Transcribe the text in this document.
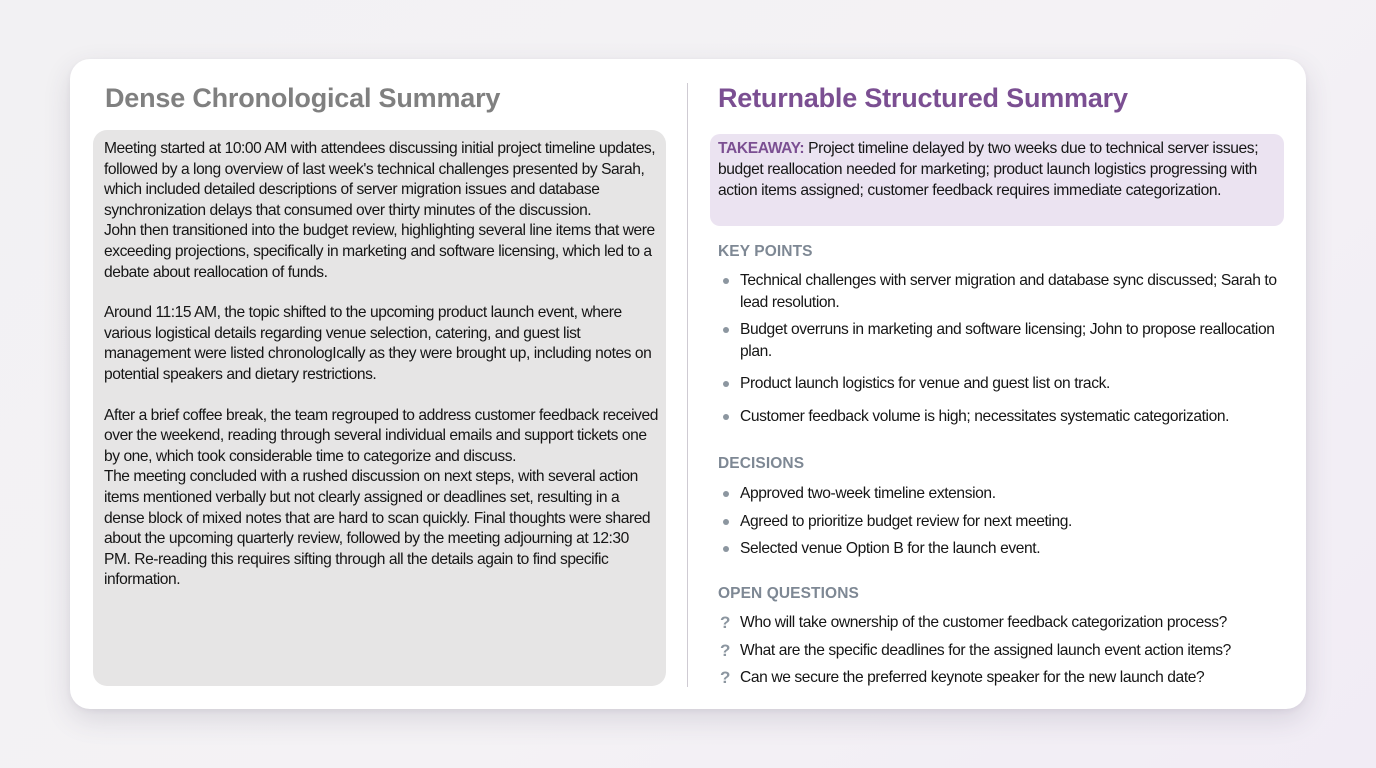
Dense Chronological Summary

Meeting started at 10:00 AM with attendees discussing initial project timeline updates, followed by a long overview of last week's technical challenges presented by Sarah, which included detailed descriptions of server migration issues and database synchronization delays that consumed over thirty minutes of the discussion.

John then transitioned into the budget review, highlighting several line items that were exceeding projections, specifically in marketing and software licensing, which led to a debate about reallocation of funds.

Around 11:15 AM, the topic shifted to the upcoming product launch event, where various logistical details regarding venue selection, catering, and guest list management were listed chronologIcally as they were brought up, including notes on potential speakers and dietary restrictions.

After a brief coffee break, the team regrouped to address customer feedback received over the weekend, reading through several individual emails and support tickets one by one, which took considerable time to categorize and discuss.

The meeting concluded with a rushed discussion on next steps, with several action items mentioned verbally but not clearly assigned or deadlines set, resulting in a dense block of mixed notes that are hard to scan quickly. Final thoughts were shared about the upcoming quarterly review, followed by the meeting adjourning at 12:30 PM. Re-reading this requires sifting through all the details again to find specific information.

Returnable Structured Summary
TAKEAWAY: Project timeline delayed by two weeks due to technical server issues; budget reallocation needed for marketing; product launch logistics progressing with action items assigned; customer feedback requires immediate categorization.
KEY POINTS
Technical challenges with server migration and database sync discussed; Sarah to lead resolution.
Budget overruns in marketing and software licensing; John to propose reallocation plan.
Product launch logistics for venue and guest list on track.
Customer feedback volume is high; necessitates systematic categorization.
DECISIONS
Approved two-week timeline extension.
Agreed to prioritize budget review for next meeting.
Selected venue Option B for the launch event.
OPEN QUESTIONS
? Who will take ownership of the customer feedback categorization process?
? What are the specific deadlines for the assigned launch event action items?
? Can we secure the preferred keynote speaker for the new launch date?
